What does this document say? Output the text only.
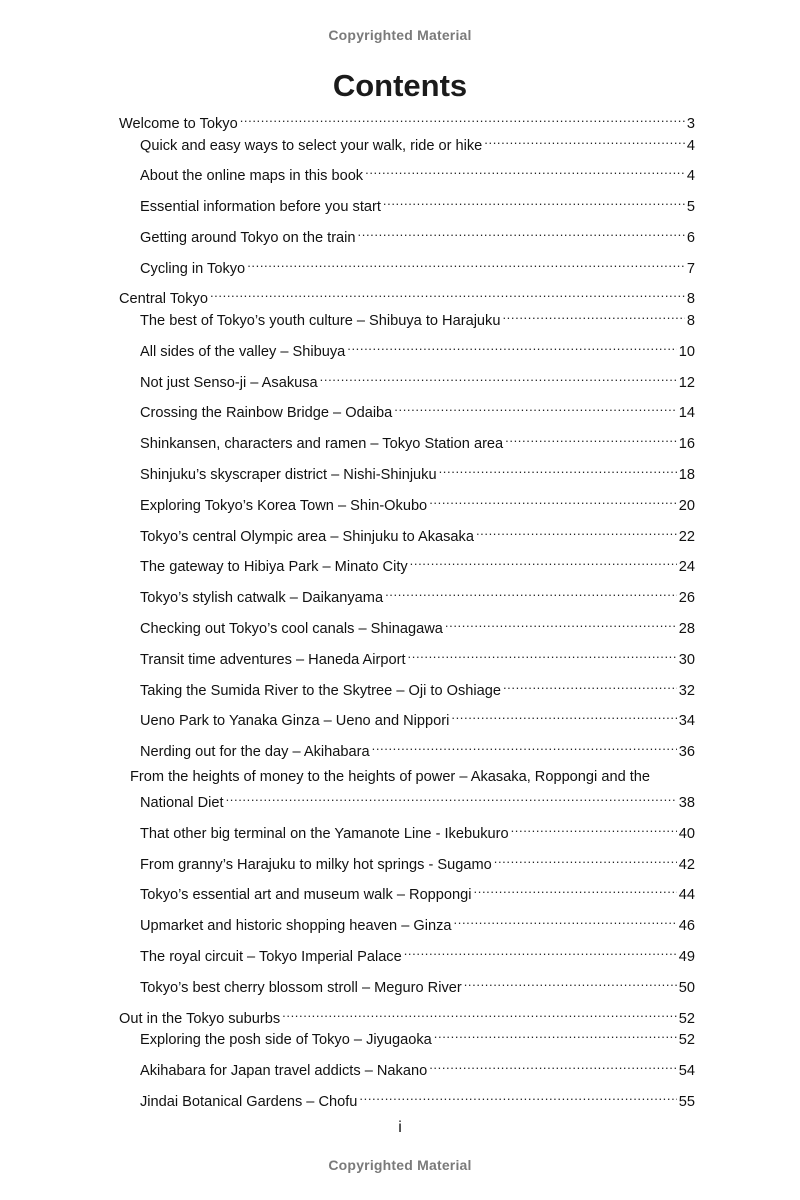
Copyrighted Material
Contents
Welcome to Tokyo .....	3
Quick and easy ways to select your walk, ride or hike .....	4
About the online maps in this book .....	4
Essential information before you start .....	5
Getting around Tokyo on the train .....	6
Cycling in Tokyo .....	7
Central Tokyo .....	8
The best of Tokyo’s youth culture – Shibuya to Harajuku .....	8
All sides of the valley – Shibuya .....	10
Not just Senso-ji – Asakusa .....	12
Crossing the Rainbow Bridge – Odaiba .....	14
Shinkansen, characters and ramen – Tokyo Station area .....	16
Shinjuku’s skyscraper district – Nishi-Shinjuku .....	18
Exploring Tokyo’s Korea Town – Shin-Okubo .....	20
Tokyo’s central Olympic area – Shinjuku to Akasaka .....	22
The gateway to Hibiya Park – Minato City .....	24
Tokyo’s stylish catwalk – Daikanyama .....	26
Checking out Tokyo’s cool canals – Shinagawa .....	28
Transit time adventures – Haneda Airport .....	30
Taking the Sumida River to the Skytree – Oji to Oshiage .....	32
Ueno Park to Yanaka Ginza – Ueno and Nippori .....	34
Nerding out for the day – Akihabara .....	36
From the heights of money to the heights of power – Akasaka, Roppongi and the
National Diet .....	38
That other big terminal on the Yamanote Line - Ikebukuro .....	40
From granny’s Harajuku to milky hot springs - Sugamo .....	42
Tokyo’s essential art and museum walk – Roppongi .....	44
Upmarket and historic shopping heaven – Ginza .....	46
The royal circuit – Tokyo Imperial Palace .....	49
Tokyo’s best cherry blossom stroll – Meguro River .....	50
Out in the Tokyo suburbs .....	52
Exploring the posh side of Tokyo – Jiyugaoka .....	52
Akihabara for Japan travel addicts – Nakano .....	54
Jindai Botanical Gardens – Chofu .....	55
i
Copyrighted Material
